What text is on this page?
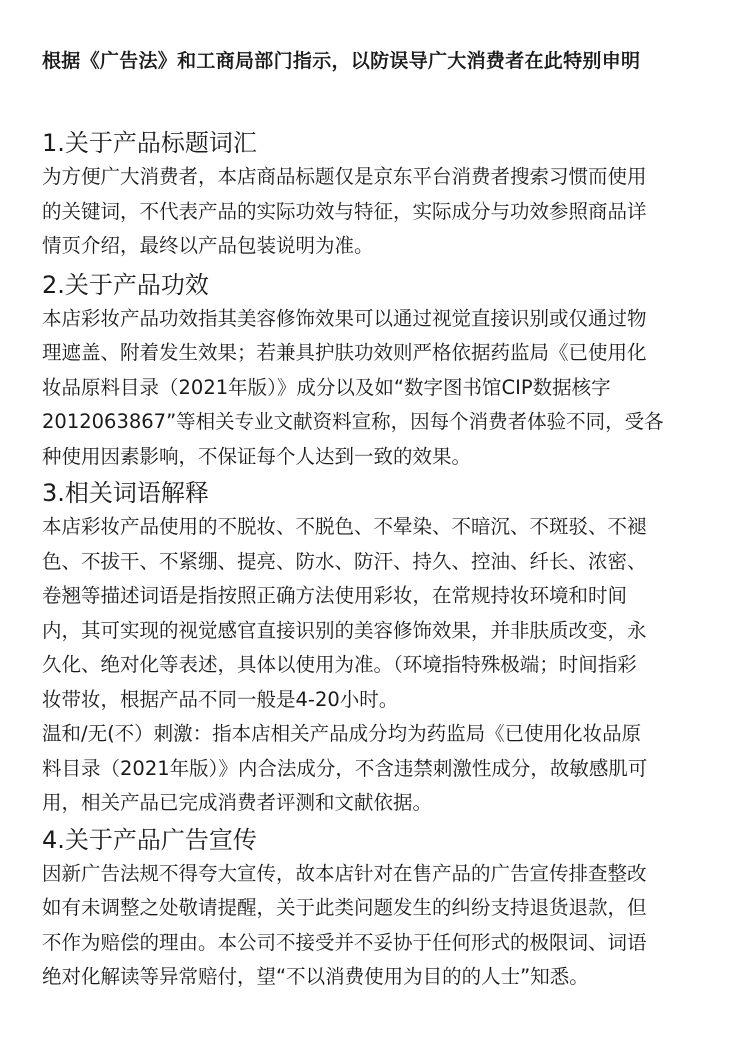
根据《广告法》和工商局部门指示，以防误导广大消费者在此特别申明
1.关于产品标题词汇

为方便广大消费者，本店商品标题仅是京东平台消费者搜索习惯而使用
的关键词，不代表产品的实际功效与特征，实际成分与功效参照商品详
情页介绍，最终以产品包装说明为准。

2.关于产品功效

本店彩妆产品功效指其美容修饰效果可以通过视觉直接识别或仅通过物
理遮盖、附着发生效果；若兼具护肤功效则严格依据药监局《已使用化
妆品原料目录（2021年版）》成分以及如“数字图书馆CIP数据核字
2012063867”等相关专业文献资料宣称，因每个消费者体验不同，受各
种使用因素影响，不保证每个人达到一致的效果。

3.相关词语解释

本店彩妆产品使用的不脱妆、不脱色、不晕染、不暗沉、不斑驳、不褪
色、不拔干、不紧绷、提亮、防水、防汗、持久、控油、纤长、浓密、
卷翘等描述词语是指按照正确方法使用彩妆，在常规持妆环境和时间
内，其可实现的视觉感官直接识别的美容修饰效果，并非肤质改变，永
久化、绝对化等表述，具体以使用为准。（环境指特殊极端；时间指彩
妆带妆，根据产品不同一般是4-20小时。

温和/无(不）刺激：指本店相关产品成分均为药监局《已使用化妆品原
料目录（2021年版）》内合法成分，不含违禁刺激性成分，故敏感肌可
用，相关产品已完成消费者评测和文献依据。

4.关于产品广告宣传

因新广告法规不得夸大宣传，故本店针对在售产品的广告宣传排查整改
如有未调整之处敬请提醒，关于此类问题发生的纠纷支持退货退款，但
不作为赔偿的理由。本公司不接受并不妥协于任何形式的极限词、词语
绝对化解读等异常赔付，望“不以消费使用为目的的人士”知悉。
